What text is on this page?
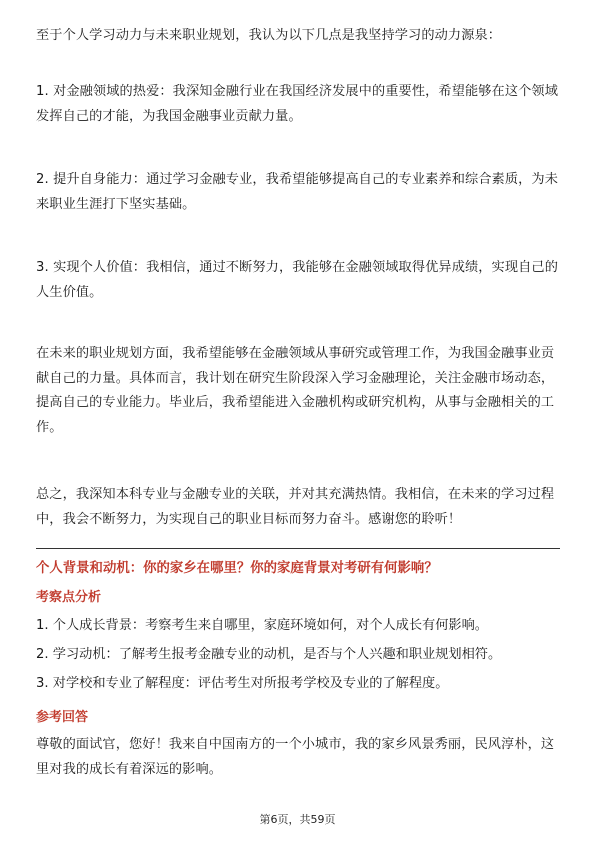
至于个人学习动力与未来职业规划，我认为以下几点是我坚持学习的动力源泉：

1. 对金融领域的热爱：我深知金融行业在我国经济发展中的重要性，希望能够在这个领域发挥自己的才能，为我国金融事业贡献力量。

2. 提升自身能力：通过学习金融专业，我希望能够提高自己的专业素养和综合素质，为未来职业生涯打下坚实基础。

3. 实现个人价值：我相信，通过不断努力，我能够在金融领域取得优异成绩，实现自己的人生价值。

在未来的职业规划方面，我希望能够在金融领域从事研究或管理工作，为我国金融事业贡献自己的力量。具体而言，我计划在研究生阶段深入学习金融理论，关注金融市场动态，提高自己的专业能力。毕业后，我希望能进入金融机构或研究机构，从事与金融相关的工作。

总之，我深知本科专业与金融专业的关联，并对其充满热情。我相信，在未来的学习过程中，我会不断努力，为实现自己的职业目标而努力奋斗。感谢您的聆听！

个人背景和动机：你的家乡在哪里？你的家庭背景对考研有何影响？

考察点分析

1. 个人成长背景：考察考生来自哪里，家庭环境如何，对个人成长有何影响。

2. 学习动机：了解考生报考金融专业的动机，是否与个人兴趣和职业规划相符。

3. 对学校和专业了解程度：评估考生对所报考学校及专业的了解程度。

参考回答

尊敬的面试官，您好！我来自中国南方的一个小城市，我的家乡风景秀丽，民风淳朴，这里对我的成长有着深远的影响。

第6页，共59页
